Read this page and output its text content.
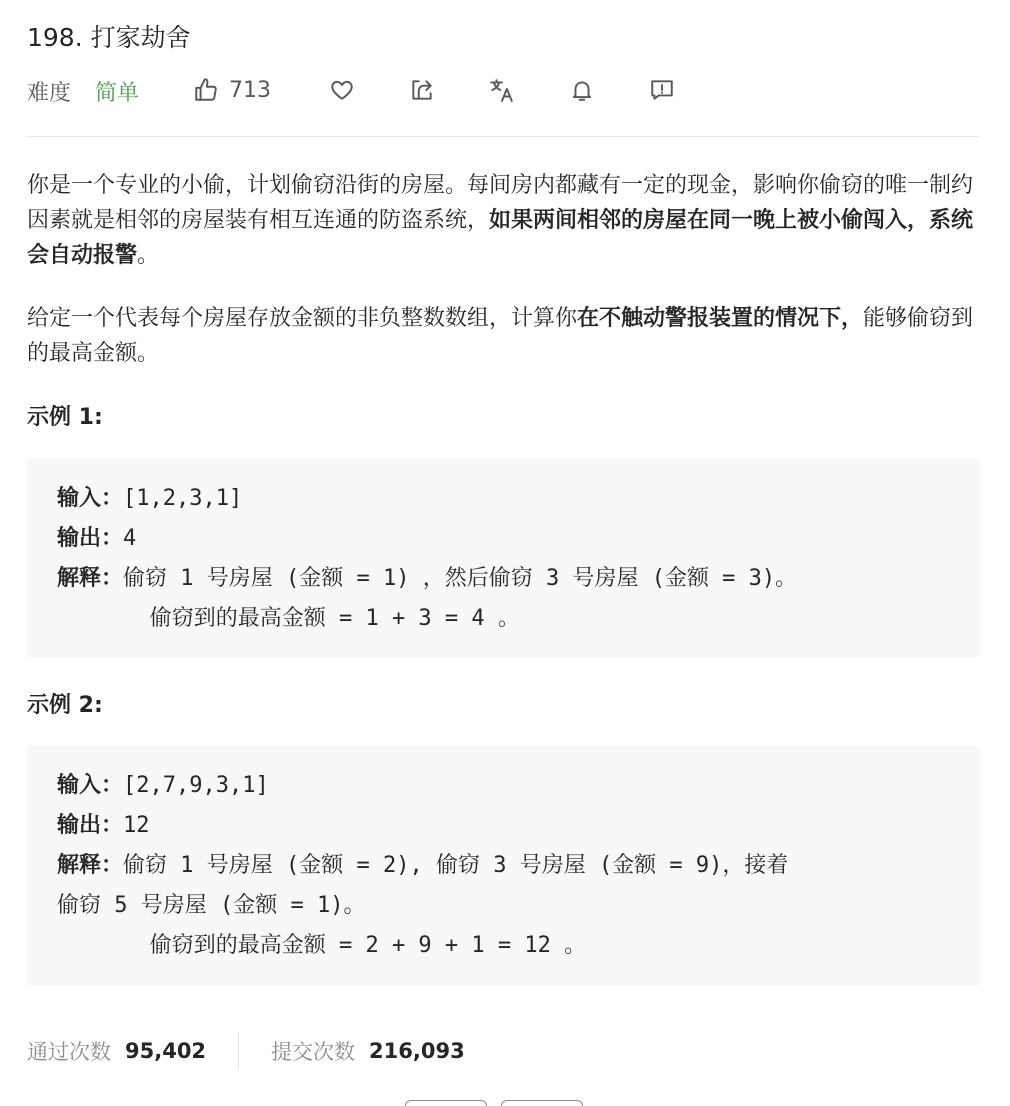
198. 打家劫舍
难度 简单	713
你是一个专业的小偷，计划偷窃沿街的房屋。每间房内都藏有一定的现金，影响你偷窃的唯一制约因素就是相邻的房屋装有相互连通的防盗系统，如果两间相邻的房屋在同一晚上被小偷闯入，系统会自动报警。
给定一个代表每个房屋存放金额的非负整数数组，计算你在不触动警报装置的情况下，能够偷窃到的最高金额。
示例 1:
输入：[1,2,3,1]
输出：4
解释：偷窃 1 号房屋 (金额 = 1) ，然后偷窃 3 号房屋 (金额 = 3)。
偷窃到的最高金额 = 1 + 3 = 4 。
示例 2:
输入：[2,7,9,3,1]
输出：12
解释：偷窃 1 号房屋 (金额 = 2), 偷窃 3 号房屋 (金额 = 9)，接着
偷窃 5 号房屋 (金额 = 1)。
偷窃到的最高金额 = 2 + 9 + 1 = 12 。
通过次数 95,402	提交次数 216,093
